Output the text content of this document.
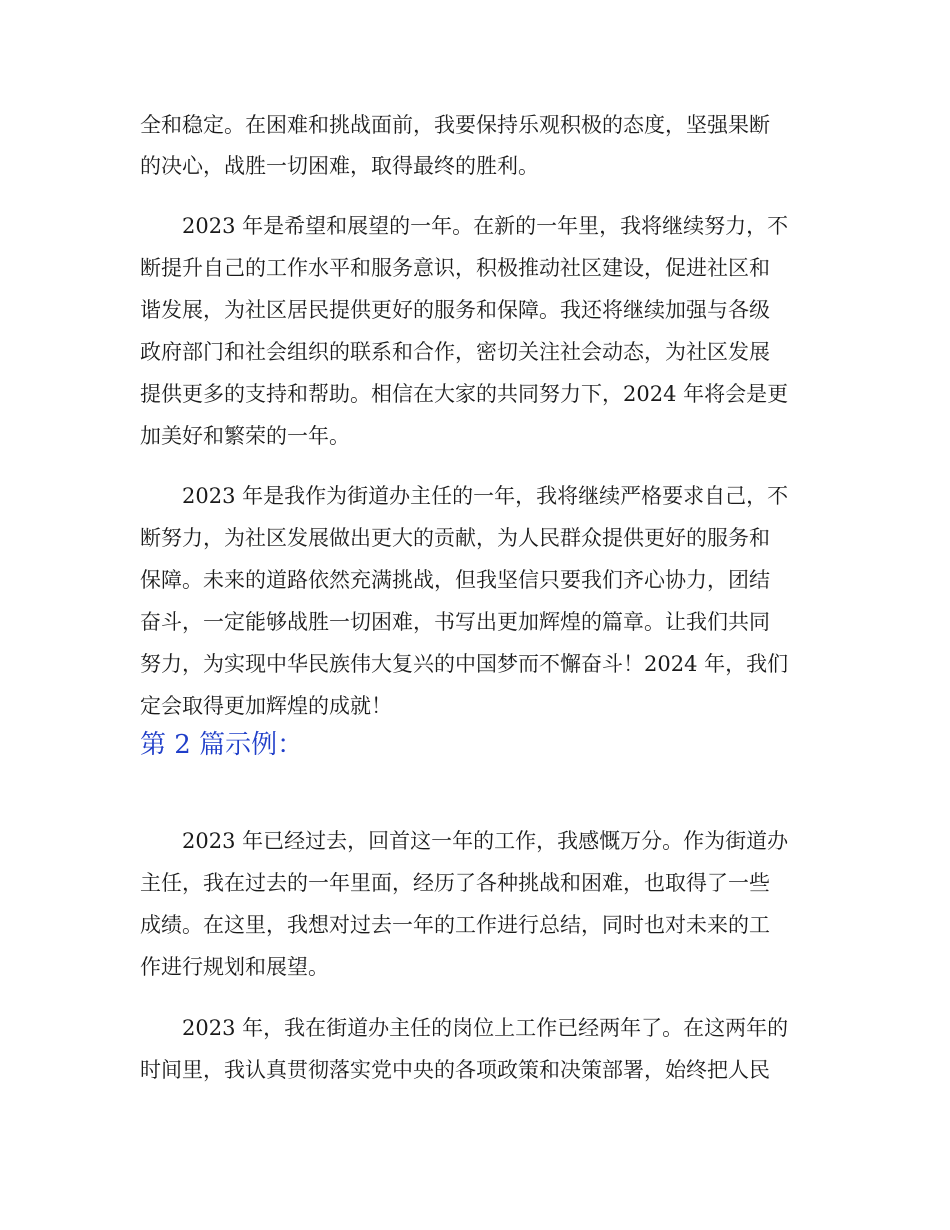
全和稳定。在困难和挑战面前，我要保持乐观积极的态度，坚强果断
的决心，战胜一切困难，取得最终的胜利。
　　2023 年是希望和展望的一年。在新的一年里，我将继续努力，不
断提升自己的工作水平和服务意识，积极推动社区建设，促进社区和
谐发展，为社区居民提供更好的服务和保障。我还将继续加强与各级
政府部门和社会组织的联系和合作，密切关注社会动态，为社区发展
提供更多的支持和帮助。相信在大家的共同努力下，2024 年将会是更
加美好和繁荣的一年。
　　2023 年是我作为街道办主任的一年，我将继续严格要求自己，不
断努力，为社区发展做出更大的贡献，为人民群众提供更好的服务和
保障。未来的道路依然充满挑战，但我坚信只要我们齐心协力，团结
奋斗，一定能够战胜一切困难，书写出更加辉煌的篇章。让我们共同
努力，为实现中华民族伟大复兴的中国梦而不懈奋斗！2024 年，我们
定会取得更加辉煌的成就！
第 2 篇示例：
　　2023 年已经过去，回首这一年的工作，我感慨万分。作为街道办
主任，我在过去的一年里面，经历了各种挑战和困难，也取得了一些
成绩。在这里，我想对过去一年的工作进行总结，同时也对未来的工
作进行规划和展望。
　　2023 年，我在街道办主任的岗位上工作已经两年了。在这两年的
时间里，我认真贯彻落实党中央的各项政策和决策部署，始终把人民
